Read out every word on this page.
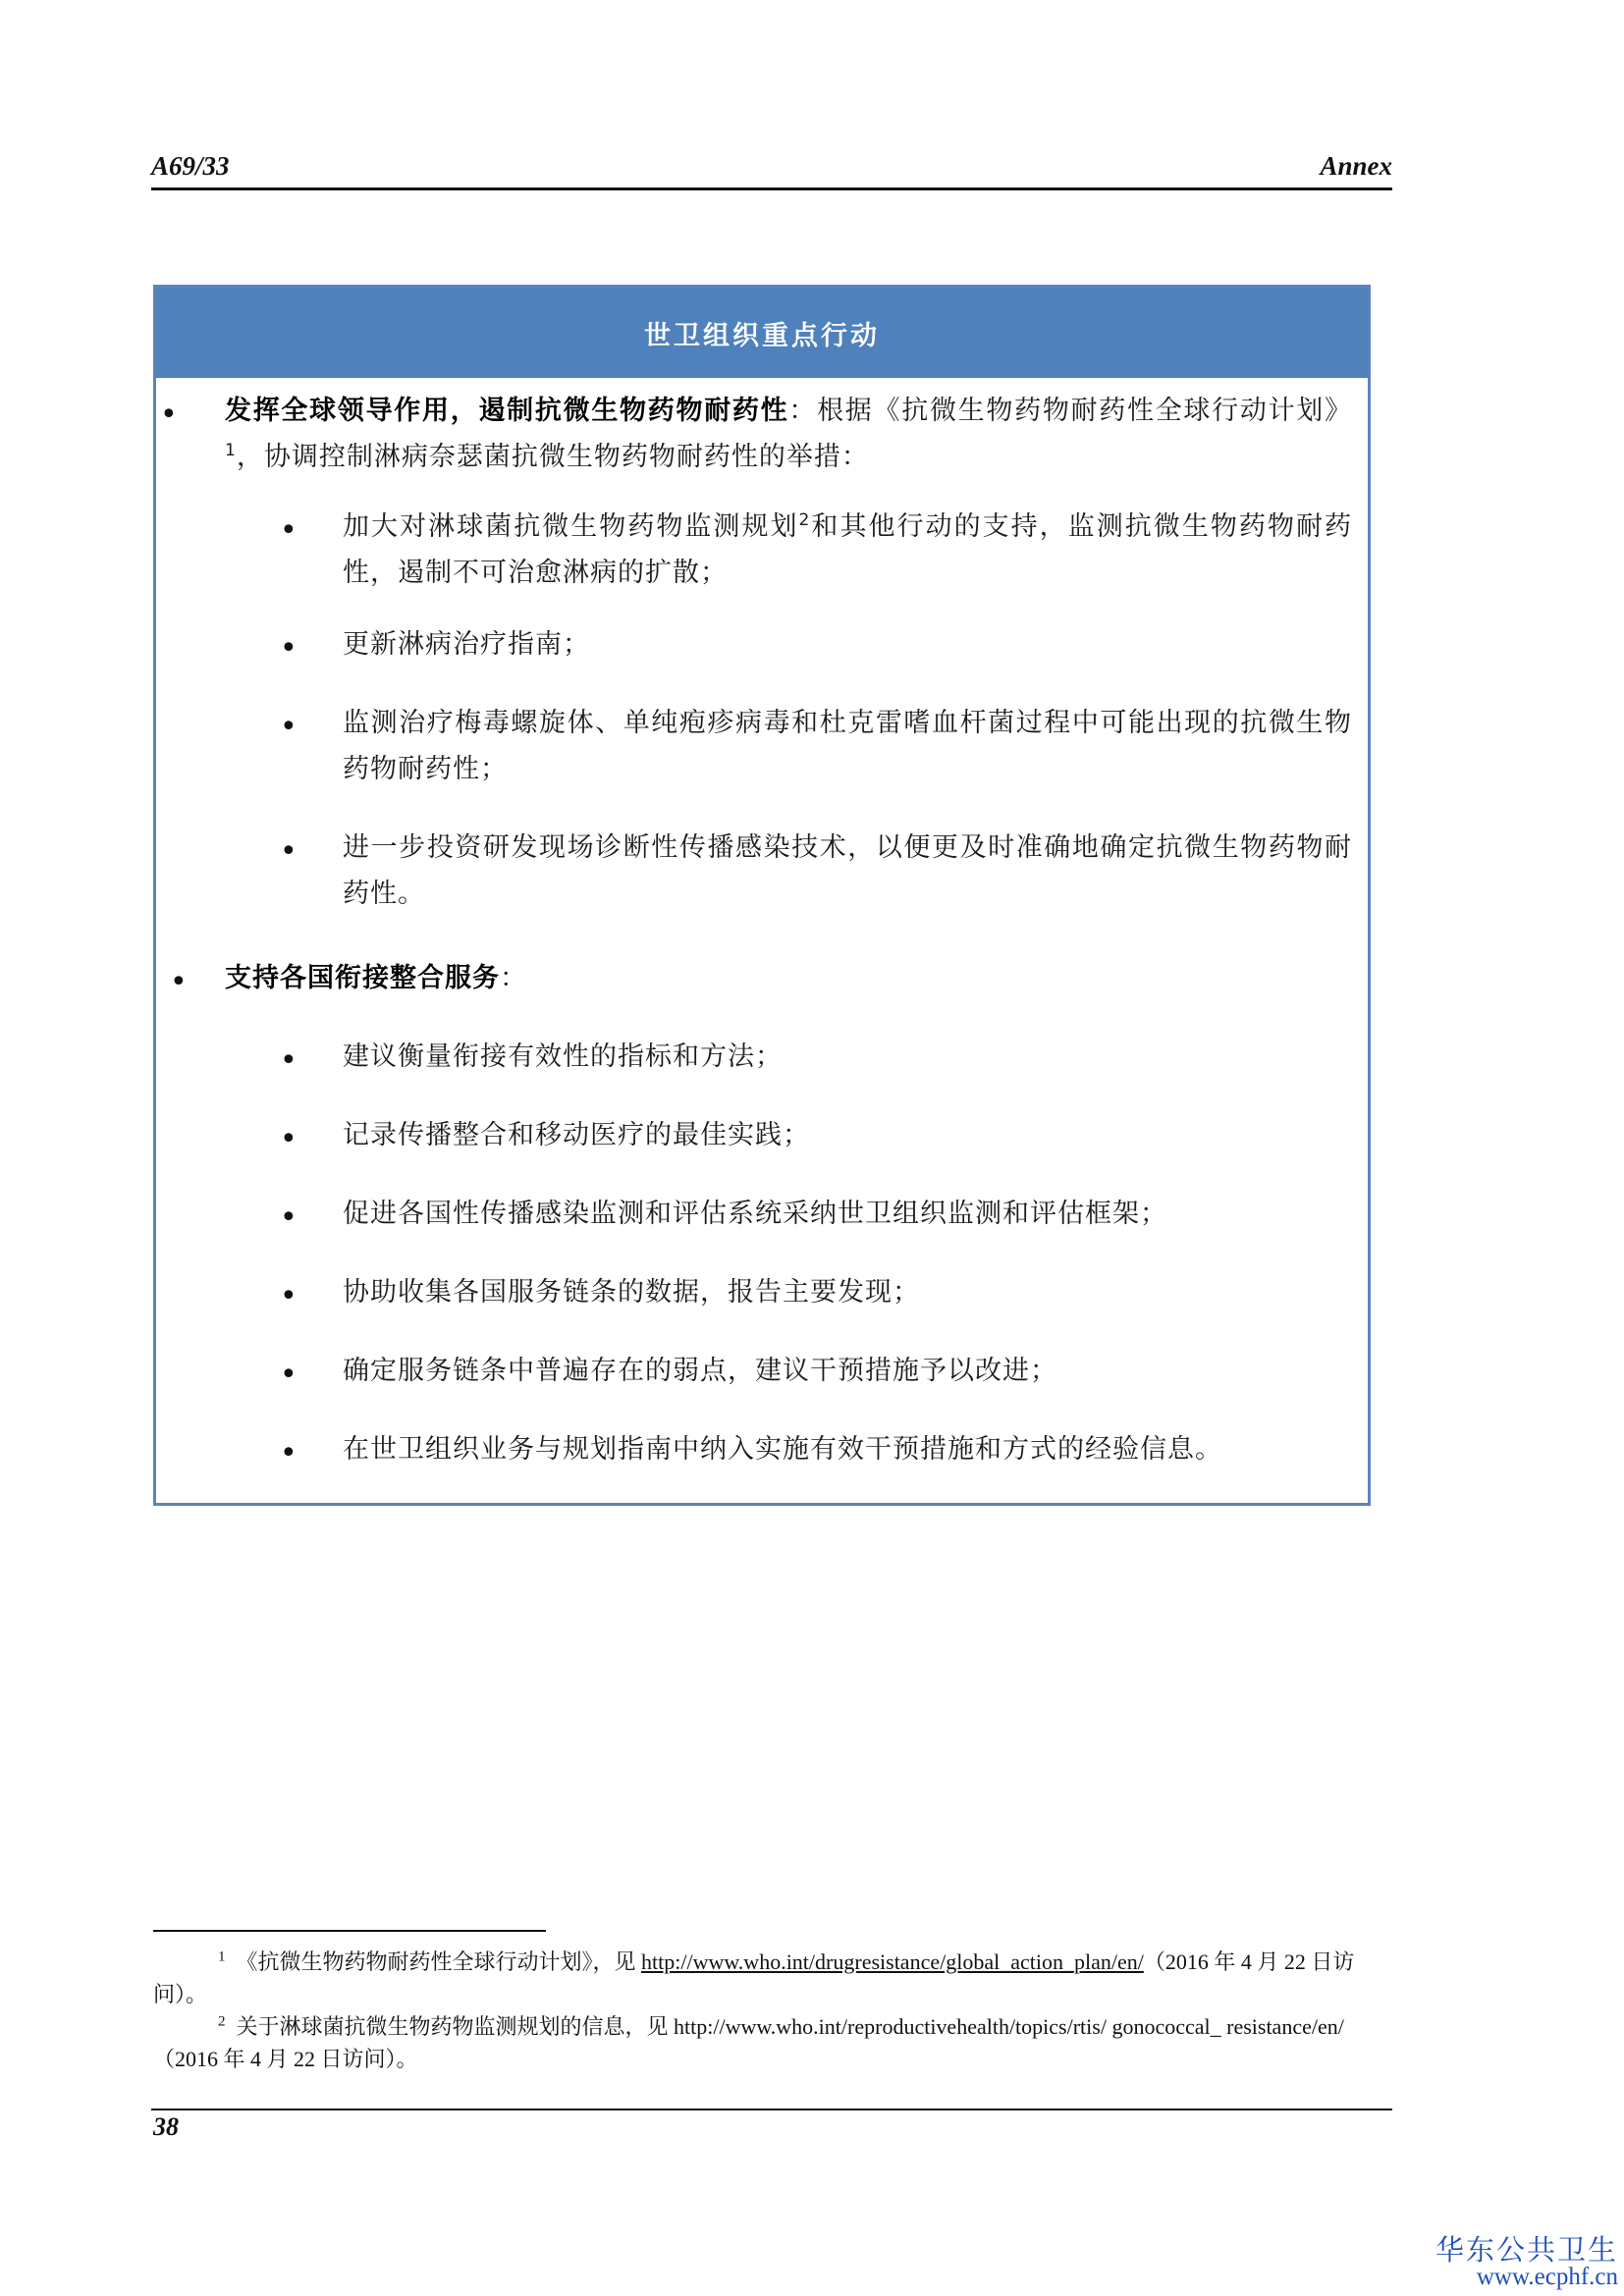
A69/33	Annex
世卫组织重点行动
• 发挥全球领导作用，遏制抗微生物药物耐药性：根据《抗微生物药物耐药性全球行动计划》$^1$，协调控制淋病奈瑟菌抗微生物药物耐药性的举措：
• 加大对淋球菌抗微生物药物监测规划$^2$和其他行动的支持，监测抗微生物药物耐药性，遏制不可治愈淋病的扩散；
• 更新淋病治疗指南；
• 监测治疗梅毒螺旋体、单纯疱疹病毒和杜克雷嗜血杆菌过程中可能出现的抗微生物药物耐药性；
• 进一步投资研发现场诊断性传播感染技术，以便更及时准确地确定抗微生物药物耐药性。
• 支持各国衔接整合服务：
• 建议衡量衔接有效性的指标和方法；
• 记录传播整合和移动医疗的最佳实践；
• 促进各国性传播感染监测和评估系统采纳世卫组织监测和评估框架；
• 协助收集各国服务链条的数据，报告主要发现；
• 确定服务链条中普遍存在的弱点，建议干预措施予以改进；
• 在世卫组织业务与规划指南中纳入实施有效干预措施和方式的经验信息。
$^1$ 《抗微生物药物耐药性全球行动计划》，见 http://www.who.int/drugresistance/global_action_plan/en/（2016 年 4 月 22 日访问）。
$^2$ 关于淋球菌抗微生物药物监测规划的信息，见 http://www.who.int/reproductivehealth/topics/rtis/ gonococcal_ resistance/en/（2016 年 4 月 22 日访问）。
38
华东公共卫生
www.ecphf.cn
